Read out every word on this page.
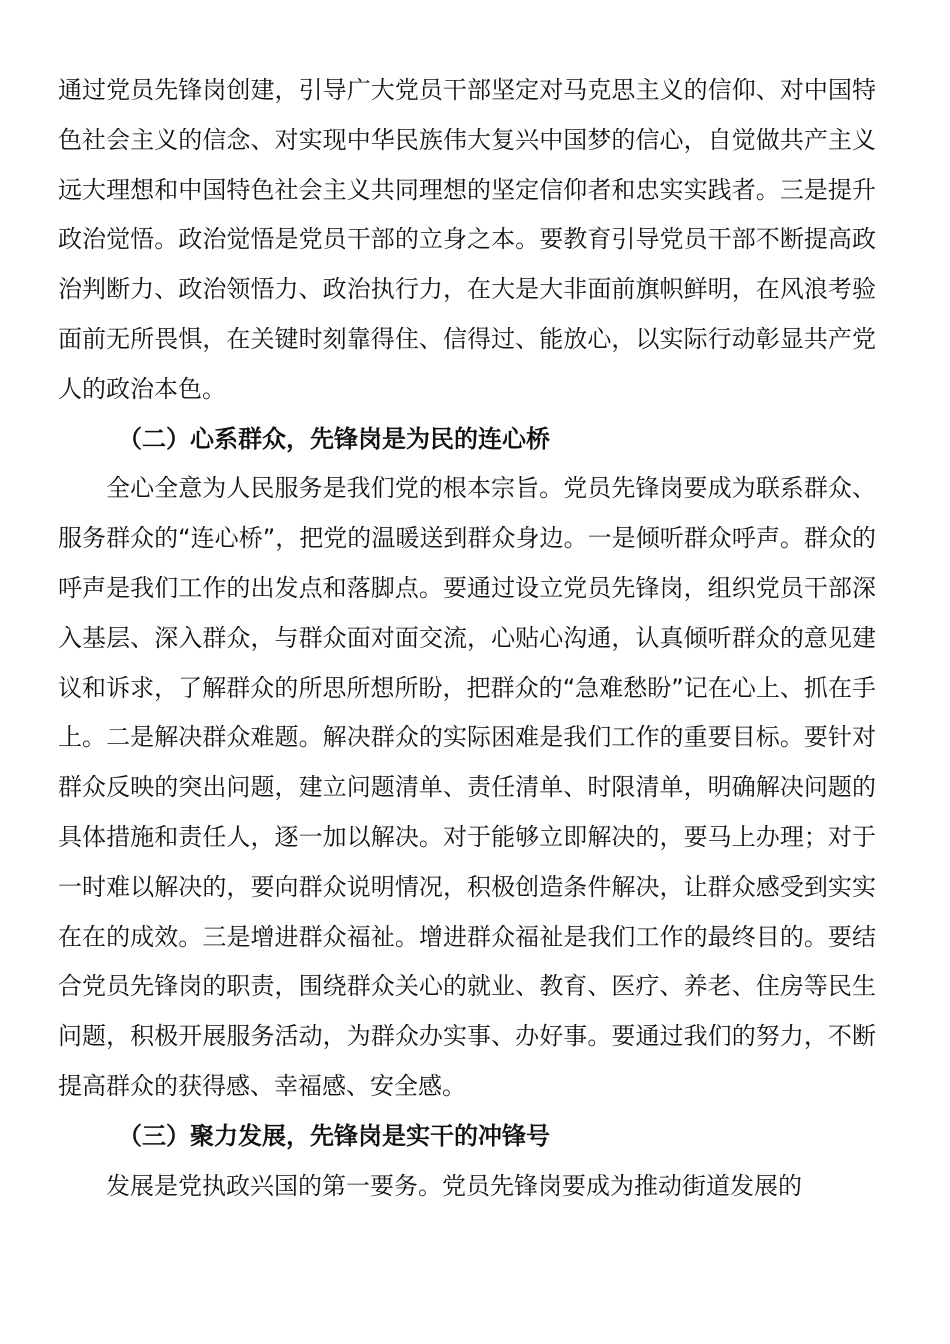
通过党员先锋岗创建，引导广大党员干部坚定对马克思主义的信仰、对中国特色社会主义的信念、对实现中华民族伟大复兴中国梦的信心，自觉做共产主义远大理想和中国特色社会主义共同理想的坚定信仰者和忠实实践者。三是提升政治觉悟。政治觉悟是党员干部的立身之本。要教育引导党员干部不断提高政治判断力、政治领悟力、政治执行力，在大是大非面前旗帜鲜明，在风浪考验面前无所畏惧，在关键时刻靠得住、信得过、能放心，以实际行动彰显共产党人的政治本色。

（二）心系群众，先锋岗是为民的连心桥

全心全意为人民服务是我们党的根本宗旨。党员先锋岗要成为联系群众、服务群众的“连心桥”，把党的温暖送到群众身边。一是倾听群众呼声。群众的呼声是我们工作的出发点和落脚点。要通过设立党员先锋岗，组织党员干部深入基层、深入群众，与群众面对面交流，心贴心沟通，认真倾听群众的意见建议和诉求，了解群众的所思所想所盼，把群众的“急难愁盼”记在心上、抓在手上。二是解决群众难题。解决群众的实际困难是我们工作的重要目标。要针对群众反映的突出问题，建立问题清单、责任清单、时限清单，明确解决问题的具体措施和责任人，逐一加以解决。对于能够立即解决的，要马上办理；对于一时难以解决的，要向群众说明情况，积极创造条件解决，让群众感受到实实在在的成效。三是增进群众福祉。增进群众福祉是我们工作的最终目的。要结合党员先锋岗的职责，围绕群众关心的就业、教育、医疗、养老、住房等民生问题，积极开展服务活动，为群众办实事、办好事。要通过我们的努力，不断提高群众的获得感、幸福感、安全感。

（三）聚力发展，先锋岗是实干的冲锋号

发展是党执政兴国的第一要务。党员先锋岗要成为推动街道发展的
